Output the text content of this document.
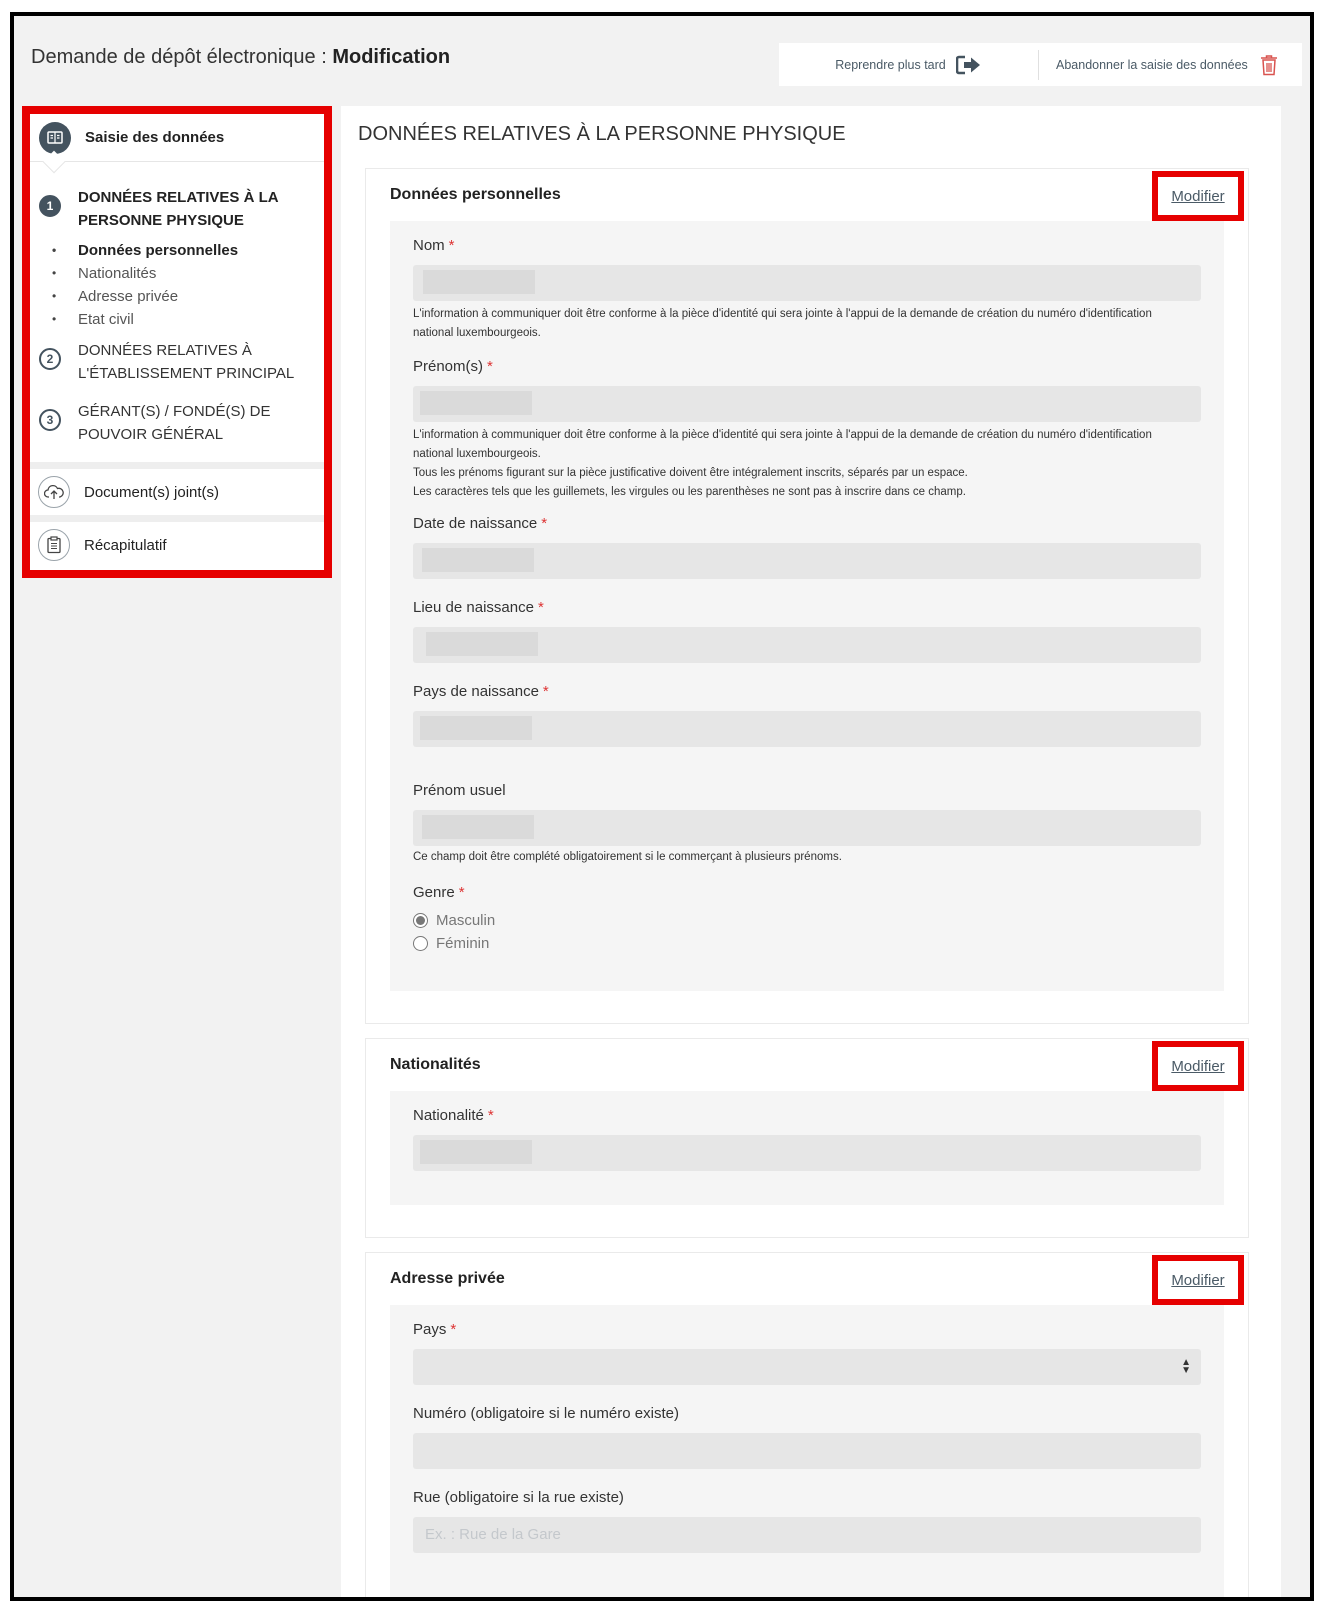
Demande de dépôt électronique : Modification	Reprendre plus tard	Abandonner la saisie des données
Saisie des données
1	DONNÉES RELATIVES À LA
PERSONNE PHYSIQUE
• Données personnelles
• Nationalités
• Adresse privée
• Etat civil
2	DONNÉES RELATIVES À
L'ÉTABLISSEMENT PRINCIPAL
3	GÉRANT(S) / FONDÉ(S) DE
POUVOIR GÉNÉRAL
Document(s) joint(s)
Récapitulatif
DONNÉES RELATIVES À LA PERSONNE PHYSIQUE
Données personnelles	Modifier
Nom *
L'information à communiquer doit être conforme à la pièce d'identité qui sera jointe à l'appui de la demande de création du numéro d'identification
national luxembourgeois.
Prénom(s) *
L'information à communiquer doit être conforme à la pièce d'identité qui sera jointe à l'appui de la demande de création du numéro d'identification
national luxembourgeois.
Tous les prénoms figurant sur la pièce justificative doivent être intégralement inscrits, séparés par un espace.
Les caractères tels que les guillemets, les virgules ou les parenthèses ne sont pas à inscrire dans ce champ.
Date de naissance *
Lieu de naissance *
Pays de naissance *
Prénom usuel
Ce champ doit être complété obligatoirement si le commerçant à plusieurs prénoms.
Genre *
Masculin
Féminin
Nationalités	Modifier
Nationalité *
Adresse privée	Modifier
Pays *
▲
▼
Numéro (obligatoire si le numéro existe)
Rue (obligatoire si la rue existe)
Ex. : Rue de la Gare
